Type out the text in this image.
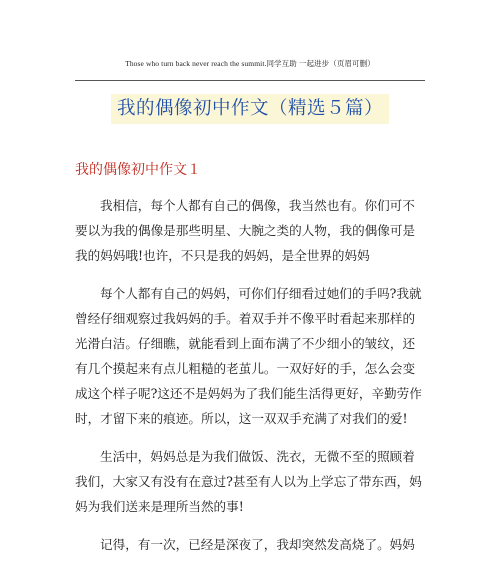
Those who turn back never reach the summit.同学互助 一起进步（页眉可删）
我的偶像初中作文（精选５篇）
我的偶像初中作文１
我相信，每个人都有自己的偶像，我当然也有。你们可不
要以为我的偶像是那些明星、大腕之类的人物，我的偶像可是
我的妈妈哦!也许，不只是我的妈妈，是全世界的妈妈
每个人都有自己的妈妈，可你们仔细看过她们的手吗?我就
曾经仔细观察过我妈妈的手。着双手并不像平时看起来那样的
光滑白洁。仔细瞧，就能看到上面布满了不少细小的皱纹，还
有几个摸起来有点儿粗糙的老茧儿。一双好好的手，怎么会变
成这个样子呢?这还不是妈妈为了我们能生活得更好，辛勤劳作
时，才留下来的痕迹。所以，这一双双手充满了对我们的爱!
生活中，妈妈总是为我们做饭、洗衣，无微不至的照顾着
我们，大家又有没有在意过?甚至有人以为上学忘了带东西，妈
妈为我们送来是理所当然的事!
记得，有一次，已经是深夜了，我却突然发高烧了。妈妈
